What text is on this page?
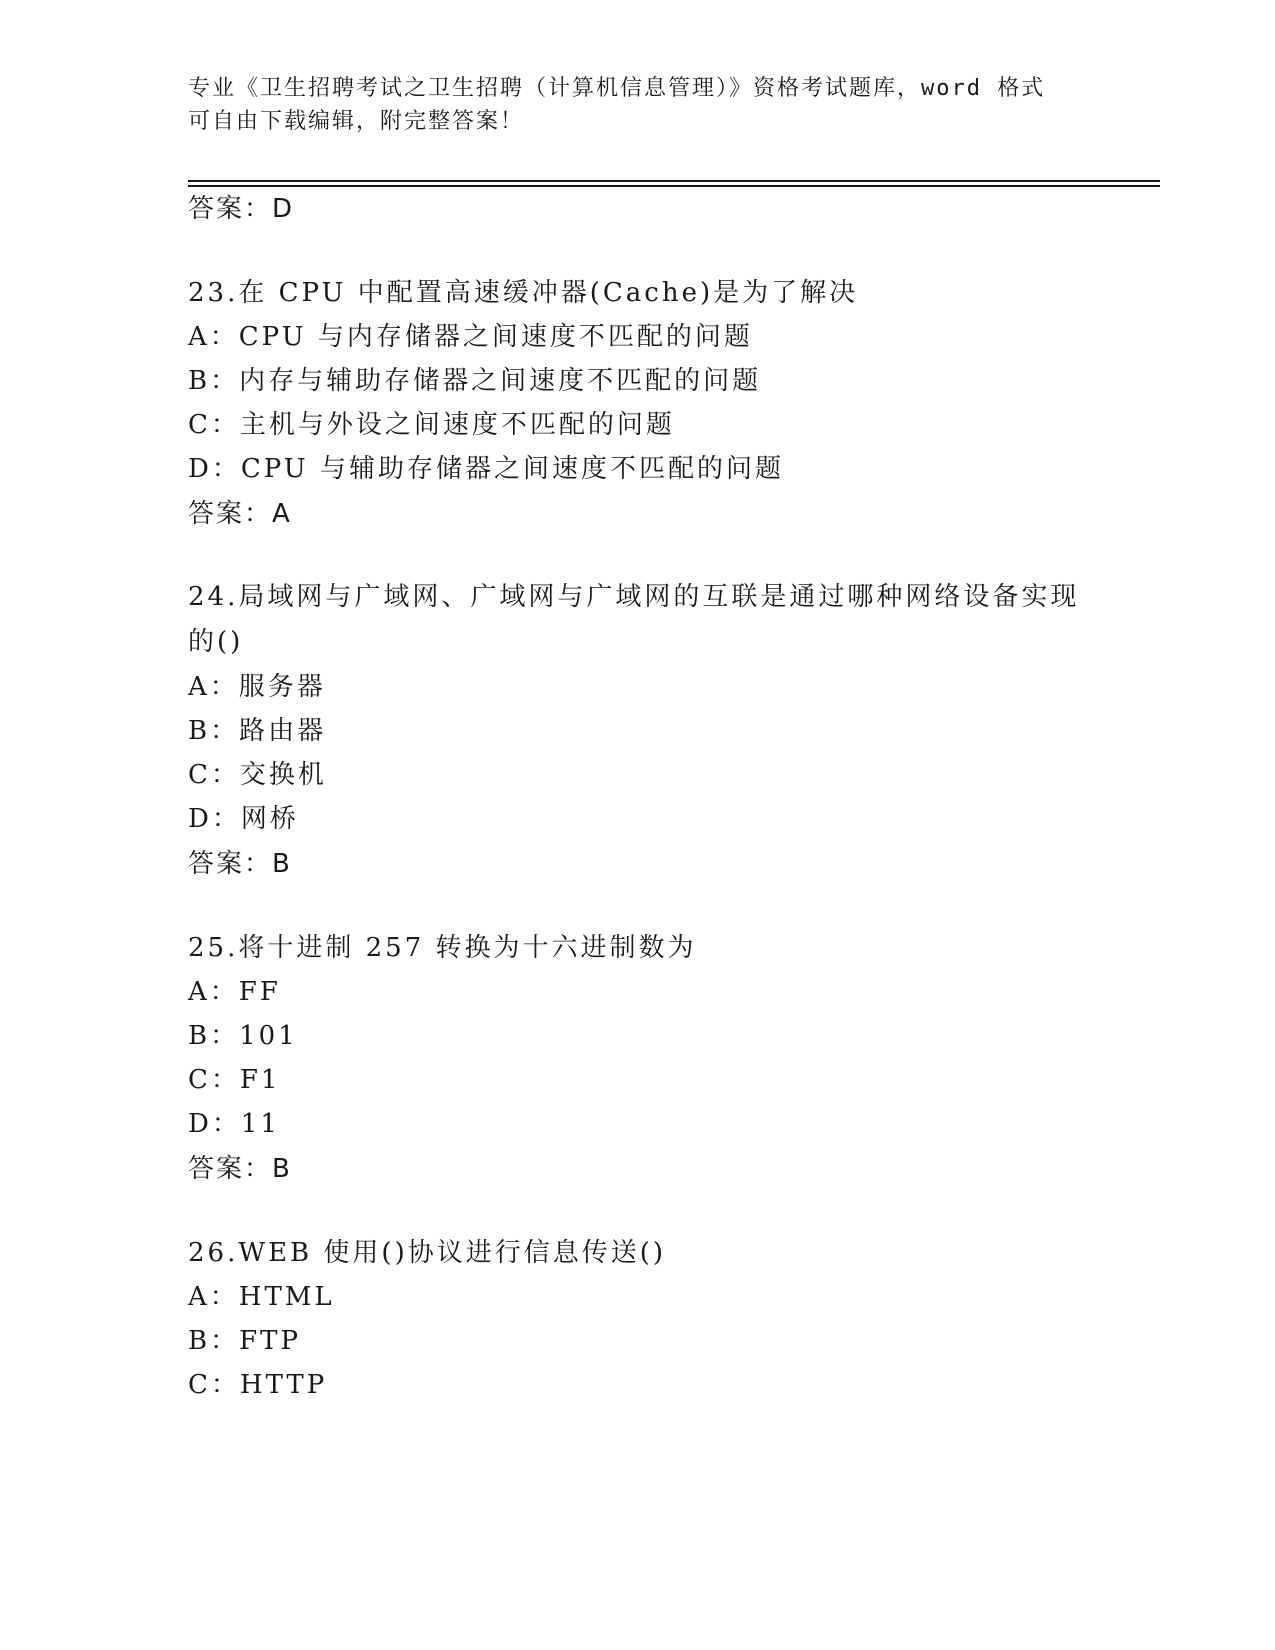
专业《卫生招聘考试之卫生招聘（计算机信息管理）》资格考试题库，word 格式
可自由下载编辑，附完整答案！
答案：D
23.在 CPU 中配置高速缓冲器(Cache)是为了解决
A：CPU 与内存储器之间速度不匹配的问题
B：内存与辅助存储器之间速度不匹配的问题
C：主机与外设之间速度不匹配的问题
D：CPU 与辅助存储器之间速度不匹配的问题
答案：A
24.局域网与广域网、广域网与广域网的互联是通过哪种网络设备实现的()
A：服务器
B：路由器
C：交换机
D：网桥
答案：B
25.将十进制 257 转换为十六进制数为
A：FF
B：101
C：F1
D：11
答案：B
26.WEB 使用()协议进行信息传送()
A：HTML
B：FTP
C：HTTP
